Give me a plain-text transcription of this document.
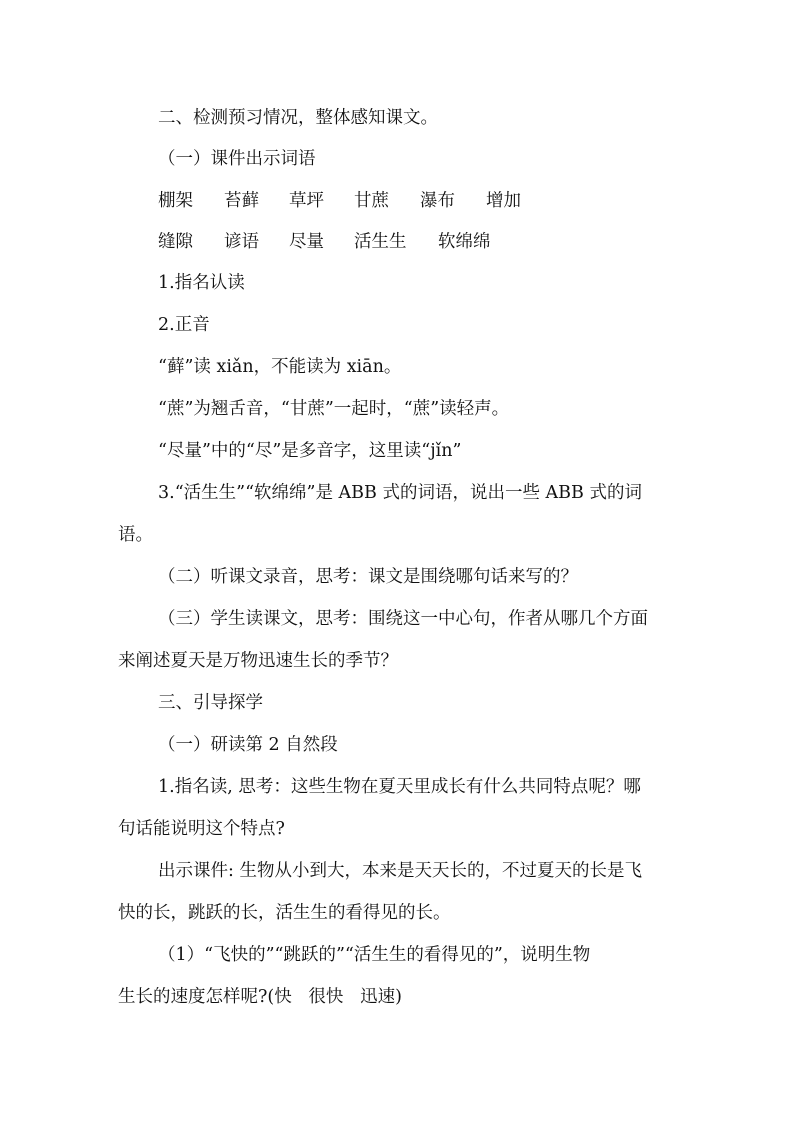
二、检测预习情况，整体感知课文。
（一）课件出示词语
棚架 苔藓 草坪 甘蔗 瀑布 增加
缝隙 谚语 尽量 活生生 软绵绵
1.指名认读
2.正音
“藓”读 xiǎn，不能读为 xiān。
“蔗”为翘舌音，“甘蔗”一起时，“蔗”读轻声。
“尽量”中的“尽”是多音字，这里读“jǐn”
3.“活生生”“软绵绵”是 ABB 式的词语，说出一些 ABB 式的词
语。
（二）听课文录音，思考：课文是围绕哪句话来写的？
（三）学生读课文，思考：围绕这一中心句，作者从哪几个方面
来阐述夏天是万物迅速生长的季节？
三、引导探学
（一）研读第 2 自然段
1.指名读, 思考：这些生物在夏天里成长有什么共同特点呢？哪
句话能说明这个特点?
出示课件: 生物从小到大，本来是天天长的，不过夏天的长是飞
快的长，跳跃的长，活生生的看得见的长。
（1）“飞快的”“跳跃的”“活生生的看得见的”，说明生物
生长的速度怎样呢?(快   很快   迅速)
